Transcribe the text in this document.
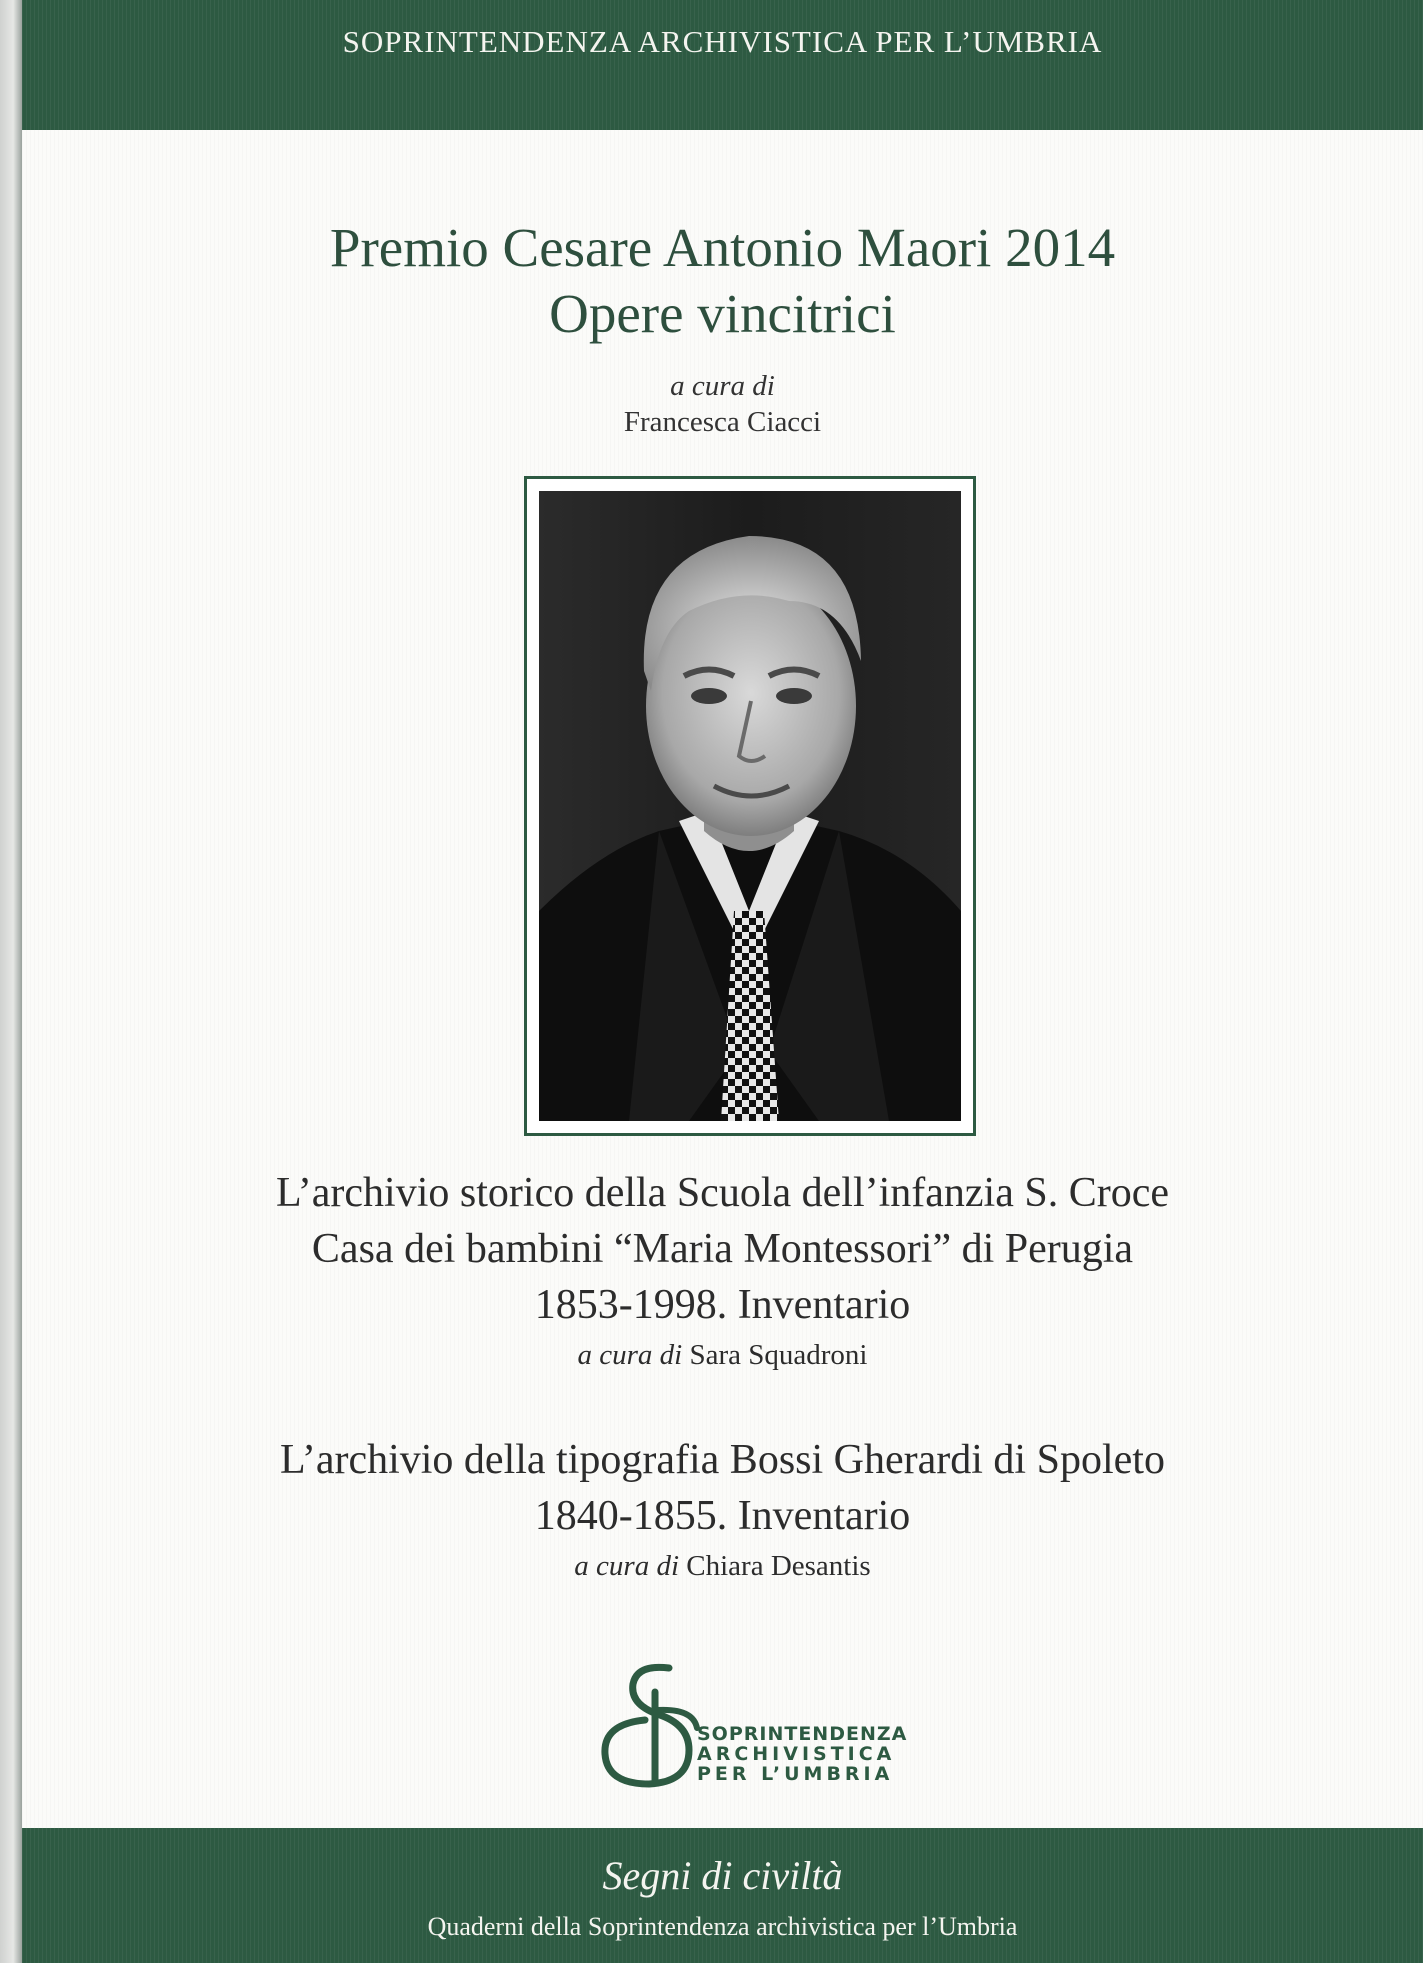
SOPRINTENDENZA ARCHIVISTICA PER L’UMBRIA
Premio Cesare Antonio Maori 2014
Opere vincitrici
a cura di
Francesca Ciacci
L’archivio storico della Scuola dell’infanzia S. Croce
Casa dei bambini “Maria Montessori” di Perugia
1853-1998. Inventario
a cura di Sara Squadroni
L’archivio della tipografia Bossi Gherardi di Spoleto
1840-1855. Inventario
a cura di Chiara Desantis
SOPRINTENDENZA
ARCHIVISTICA
PER L’UMBRIA
Segni di civiltà
Quaderni della Soprintendenza archivistica per l’Umbria
